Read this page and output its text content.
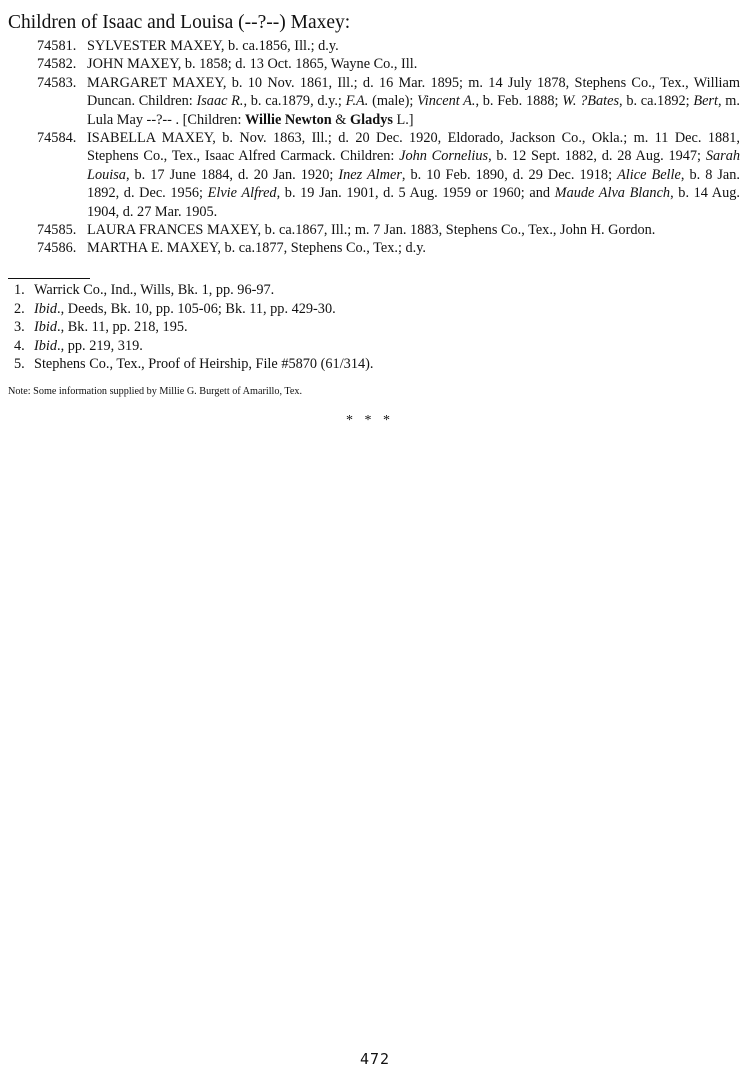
Children of Isaac and Louisa (--?--) Maxey:
74581. SYLVESTER MAXEY, b. ca.1856, Ill.; d.y.
74582. JOHN MAXEY, b. 1858; d. 13 Oct. 1865, Wayne Co., Ill.
74583. MARGARET MAXEY, b. 10 Nov. 1861, Ill.; d. 16 Mar. 1895; m. 14 July 1878, Stephens Co., Tex., William Duncan. Children: Isaac R., b. ca.1879, d.y.; F.A. (male); Vincent A., b. Feb. 1888; W. ?Bates, b. ca.1892; Bert, m. Lula May --?-- . [Children: Willie Newton & Gladys L.]
74584. ISABELLA MAXEY, b. Nov. 1863, Ill.; d. 20 Dec. 1920, Eldorado, Jackson Co., Okla.; m. 11 Dec. 1881, Stephens Co., Tex., Isaac Alfred Carmack. Children: John Cornelius, b. 12 Sept. 1882, d. 28 Aug. 1947; Sarah Louisa, b. 17 June 1884, d. 20 Jan. 1920; Inez Almer, b. 10 Feb. 1890, d. 29 Dec. 1918; Alice Belle, b. 8 Jan. 1892, d. Dec. 1956; Elvie Alfred, b. 19 Jan. 1901, d. 5 Aug. 1959 or 1960; and Maude Alva Blanch, b. 14 Aug. 1904, d. 27 Mar. 1905.
74585. LAURA FRANCES MAXEY, b. ca.1867, Ill.; m. 7 Jan. 1883, Stephens Co., Tex., John H. Gordon.
74586. MARTHA E. MAXEY, b. ca.1877, Stephens Co., Tex.; d.y.
1. Warrick Co., Ind., Wills, Bk. 1, pp. 96-97.
2. Ibid., Deeds, Bk. 10, pp. 105-06; Bk. 11, pp. 429-30.
3. Ibid., Bk. 11, pp. 218, 195.
4. Ibid., pp. 219, 319.
5. Stephens Co., Tex., Proof of Heirship, File #5870 (61/314).
Note: Some information supplied by Millie G. Burgett of Amarillo, Tex.
* * *
472
